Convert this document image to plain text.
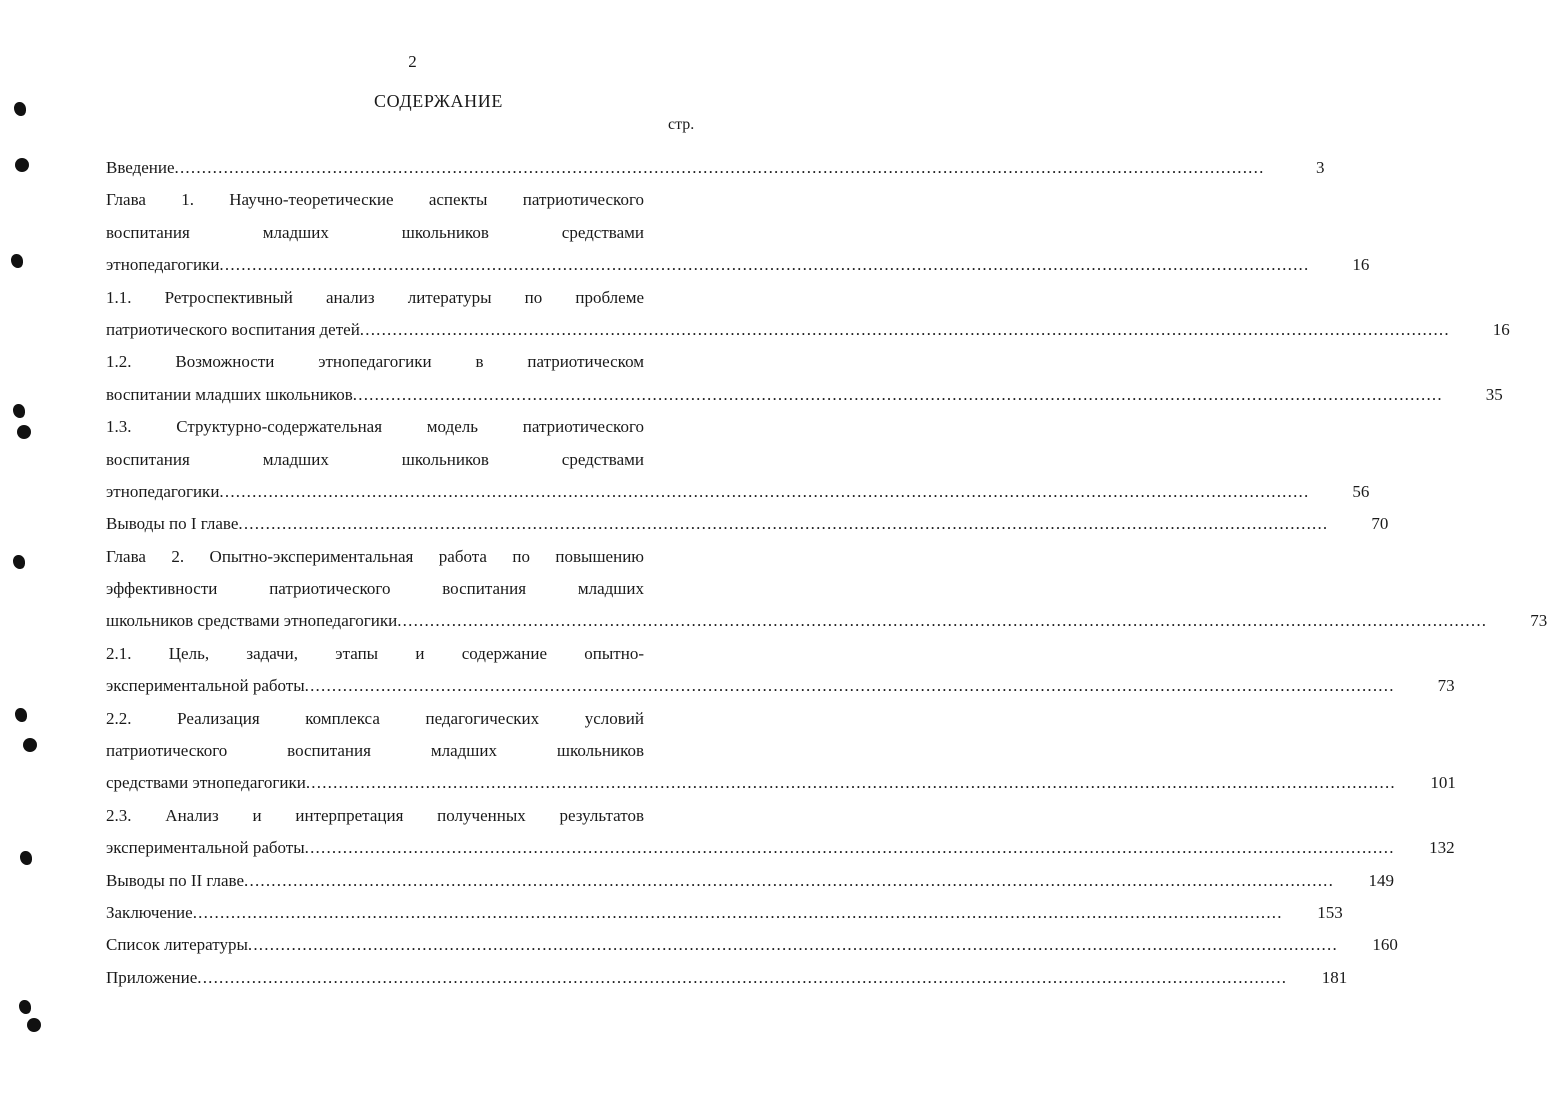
2
СОДЕРЖАНИЕ
стр.
Введение ........................................................................................................................................................................................................	3
Глава 1. Научно-теоретические аспекты патриотического
воспитания младших школьников средствами
этнопедагогики ........................................................................................................................................................................................................	16
1.1. Ретроспективный анализ литературы по проблеме
патриотического воспитания детей ........................................................................................................................................................................................................	16
1.2. Возможности этнопедагогики в патриотическом
воспитании младших школьников ........................................................................................................................................................................................................	35
1.3. Структурно-содержательная модель патриотического
воспитания младших школьников средствами
этнопедагогики ........................................................................................................................................................................................................	56
Выводы по I главе ........................................................................................................................................................................................................	70
Глава 2. Опытно-экспериментальная работа по повышению
эффективности патриотического воспитания младших
школьников средствами этнопедагогики ........................................................................................................................................................................................................	73
2.1. Цель, задачи, этапы и содержание опытно-
экспериментальной работы ........................................................................................................................................................................................................	73
2.2. Реализация комплекса педагогических условий
патриотического воспитания младших школьников
средствами этнопедагогики ........................................................................................................................................................................................................	101
2.3. Анализ и интерпретация полученных результатов
экспериментальной работы ........................................................................................................................................................................................................	132
Выводы по II главе ........................................................................................................................................................................................................	149
Заключение ........................................................................................................................................................................................................	153
Список литературы ........................................................................................................................................................................................................	160
Приложение ........................................................................................................................................................................................................	181
